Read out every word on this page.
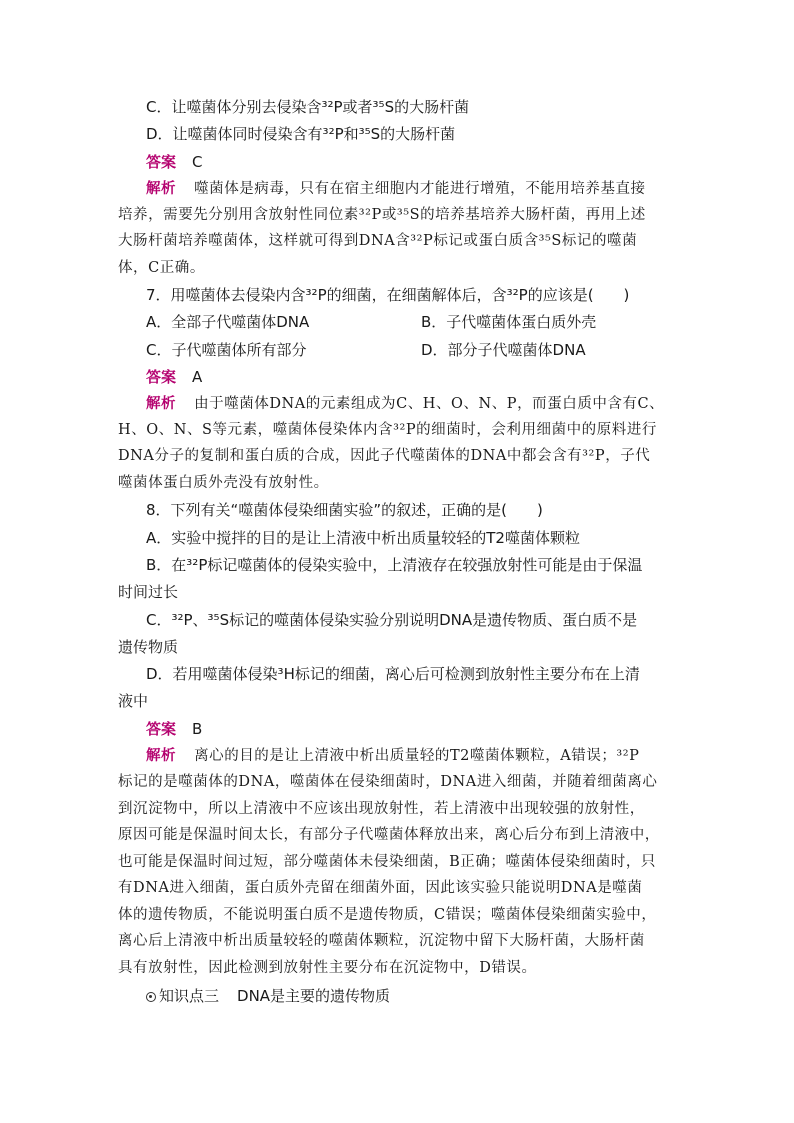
C．让噬菌体分别去侵染含³²P或者³⁵S的大肠杆菌
D．让噬菌体同时侵染含有³²P和³⁵S的大肠杆菌
答案 C
解析 噬菌体是病毒，只有在宿主细胞内才能进行增殖，不能用培养基直接
培养，需要先分别用含放射性同位素³²P或³⁵S的培养基培养大肠杆菌，再用上述
大肠杆菌培养噬菌体，这样就可得到DNA含³²P标记或蛋白质含³⁵S标记的噬菌
体，C正确。
7．用噬菌体去侵染内含³²P的细菌，在细菌解体后，含³²P的应该是(　　)
A．全部子代噬菌体DNA	B．子代噬菌体蛋白质外壳
C．子代噬菌体所有部分	D．部分子代噬菌体DNA
答案 A
解析 由于噬菌体DNA的元素组成为C、H、O、N、P，而蛋白质中含有C、
H、O、N、S等元素，噬菌体侵染体内含³²P的细菌时，会利用细菌中的原料进行
DNA分子的复制和蛋白质的合成，因此子代噬菌体的DNA中都会含有³²P，子代
噬菌体蛋白质外壳没有放射性。
8．下列有关“噬菌体侵染细菌实验”的叙述，正确的是(　　)
A．实验中搅拌的目的是让上清液中析出质量较轻的T2噬菌体颗粒
B．在³²P标记噬菌体的侵染实验中，上清液存在较强放射性可能是由于保温
时间过长
C．³²P、³⁵S标记的噬菌体侵染实验分别说明DNA是遗传物质、蛋白质不是
遗传物质
D．若用噬菌体侵染³H标记的细菌，离心后可检测到放射性主要分布在上清
液中
答案 B
解析 离心的目的是让上清液中析出质量轻的T2噬菌体颗粒，A错误；³²P
标记的是噬菌体的DNA，噬菌体在侵染细菌时，DNA进入细菌，并随着细菌离心
到沉淀物中，所以上清液中不应该出现放射性，若上清液中出现较强的放射性，
原因可能是保温时间太长，有部分子代噬菌体释放出来，离心后分布到上清液中，
也可能是保温时间过短，部分噬菌体未侵染细菌，B正确；噬菌体侵染细菌时，只
有DNA进入细菌，蛋白质外壳留在细菌外面，因此该实验只能说明DNA是噬菌
体的遗传物质，不能说明蛋白质不是遗传物质，C错误；噬菌体侵染细菌实验中，
离心后上清液中析出质量较轻的噬菌体颗粒，沉淀物中留下大肠杆菌，大肠杆菌
具有放射性，因此检测到放射性主要分布在沉淀物中，D错误。
知识点三 DNA是主要的遗传物质
